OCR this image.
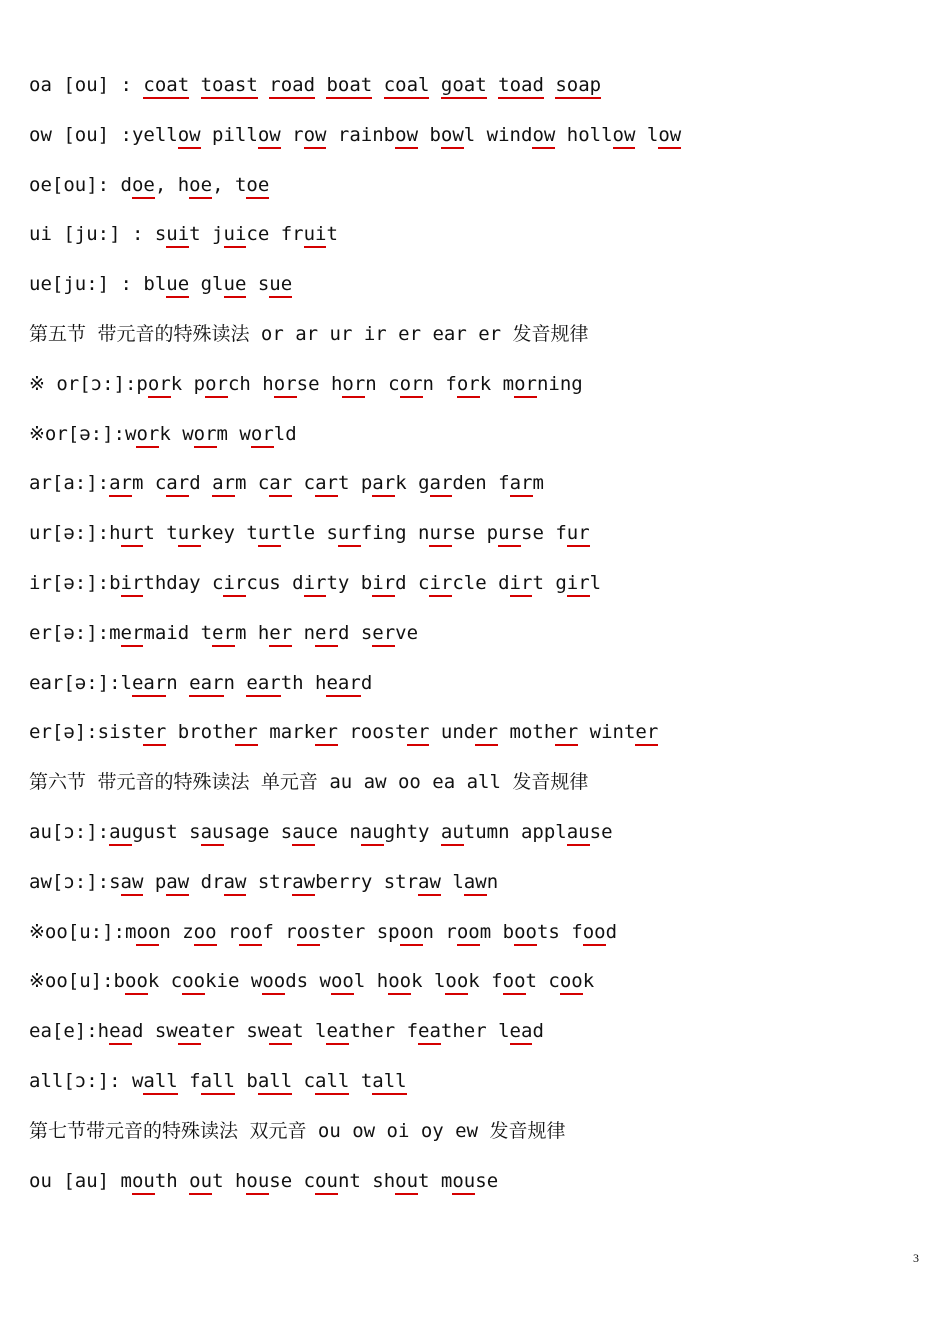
oa [ou] : coat toast road boat coal goat toad soap
ow [ou] :yellow pillow row rainbow bowl window hollow low
oe[ou]: doe, hoe, toe
ui [ju:] : suit juice fruit
ue[ju:] : blue glue sue
第五节 带元音的特殊读法 or ar ur ir er ear er 发音规律
※ or[ɔ:]:pork porch horse horn corn fork morning
※or[ə:]:work worm world
ar[a:]:arm card arm car cart park garden farm
ur[ə:]:hurt turkey turtle surfing nurse purse fur
ir[ə:]:birthday circus dirty bird circle dirt girl
er[ə:]:mermaid term her nerd serve
ear[ə:]:learn earn earth heard
er[ə]:sister brother marker rooster under mother winter
第六节 带元音的特殊读法 单元音 au aw oo ea all 发音规律
au[ɔ:]:august sausage sauce naughty autumn applause
aw[ɔ:]:saw paw draw strawberry straw lawn
※oo[u:]:moon zoo roof rooster spoon room boots food
※oo[u]:book cookie woods wool hook look foot cook
ea[e]:head sweater sweat leather feather lead
all[ɔ:]: wall fall ball call tall
第七节带元音的特殊读法 双元音 ou ow oi oy ew 发音规律
ou [au] mouth out house count shout mouse
3
